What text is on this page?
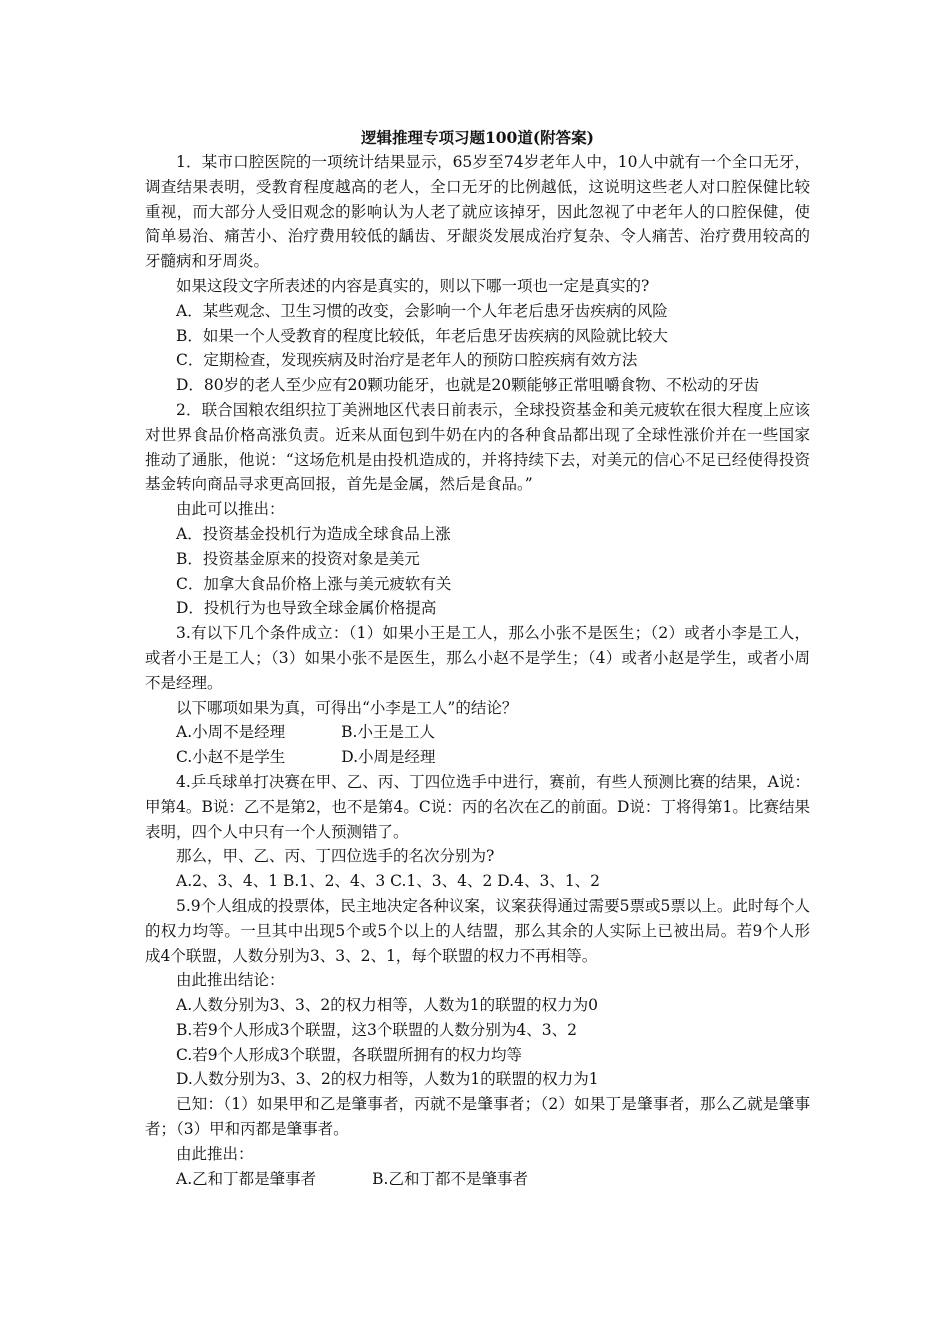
逻辑推理专项习题100道(附答案)

1．某市口腔医院的一项统计结果显示，65岁至74岁老年人中，10人中就有一个全口无牙，调查结果表明，受教育程度越高的老人，全口无牙的比例越低，这说明这些老人对口腔保健比较重视，而大部分人受旧观念的影响认为人老了就应该掉牙，因此忽视了中老年人的口腔保健，使简单易治、痛苦小、治疗费用较低的龋齿、牙龈炎发展成治疗复杂、令人痛苦、治疗费用较高的牙髓病和牙周炎。

如果这段文字所表述的内容是真实的，则以下哪一项也一定是真实的?

A．某些观念、卫生习惯的改变，会影响一个人年老后患牙齿疾病的风险

B．如果一个人受教育的程度比较低，年老后患牙齿疾病的风险就比较大

C．定期检查，发现疾病及时治疗是老年人的预防口腔疾病有效方法

D．80岁的老人至少应有20颗功能牙，也就是20颗能够正常咀嚼食物、不松动的牙齿

2．联合国粮农组织拉丁美洲地区代表日前表示，全球投资基金和美元疲软在很大程度上应该对世界食品价格高涨负责。近来从面包到牛奶在内的各种食品都出现了全球性涨价并在一些国家推动了通胀，他说：“这场危机是由投机造成的，并将持续下去，对美元的信心不足已经使得投资基金转向商品寻求更高回报，首先是金属，然后是食品。”

由此可以推出：

A．投资基金投机行为造成全球食品上涨

B．投资基金原来的投资对象是美元

C．加拿大食品价格上涨与美元疲软有关

D．投机行为也导致全球金属价格提高

3.有以下几个条件成立：（1）如果小王是工人，那么小张不是医生；（2）或者小李是工人，或者小王是工人；（3）如果小张不是医生，那么小赵不是学生；（4）或者小赵是学生，或者小周不是经理。

以下哪项如果为真，可得出“小李是工人”的结论？

A.小周不是经理	B.小王是工人

C.小赵不是学生	D.小周是经理

4.乒乓球单打决赛在甲、乙、丙、丁四位选手中进行，赛前，有些人预测比赛的结果，A说：甲第4。B说：乙不是第2，也不是第4。C说：丙的名次在乙的前面。D说：丁将得第1。比赛结果表明，四个人中只有一个人预测错了。

那么，甲、乙、丙、丁四位选手的名次分别为?

A.2、3、4、1 B.1、2、4、3 C.1、3、4、2 D.4、3、1、2

5.9个人组成的投票体，民主地决定各种议案，议案获得通过需要5票或5票以上。此时每个人的权力均等。一旦其中出现5个或5个以上的人结盟，那么其余的人实际上已被出局。若9个人形成4个联盟，人数分别为3、3、2、1，每个联盟的权力不再相等。

由此推出结论：

A.人数分别为3、3、2的权力相等，人数为1的联盟的权力为0

B.若9个人形成3个联盟，这3个联盟的人数分别为4、3、2

C.若9个人形成3个联盟，各联盟所拥有的权力均等

D.人数分别为3、3、2的权力相等，人数为1的联盟的权力为1

已知：（1）如果甲和乙是肇事者，丙就不是肇事者；（2）如果丁是肇事者，那么乙就是肇事者；（3）甲和丙都是肇事者。

由此推出：

A.乙和丁都是肇事者	B.乙和丁都不是肇事者
